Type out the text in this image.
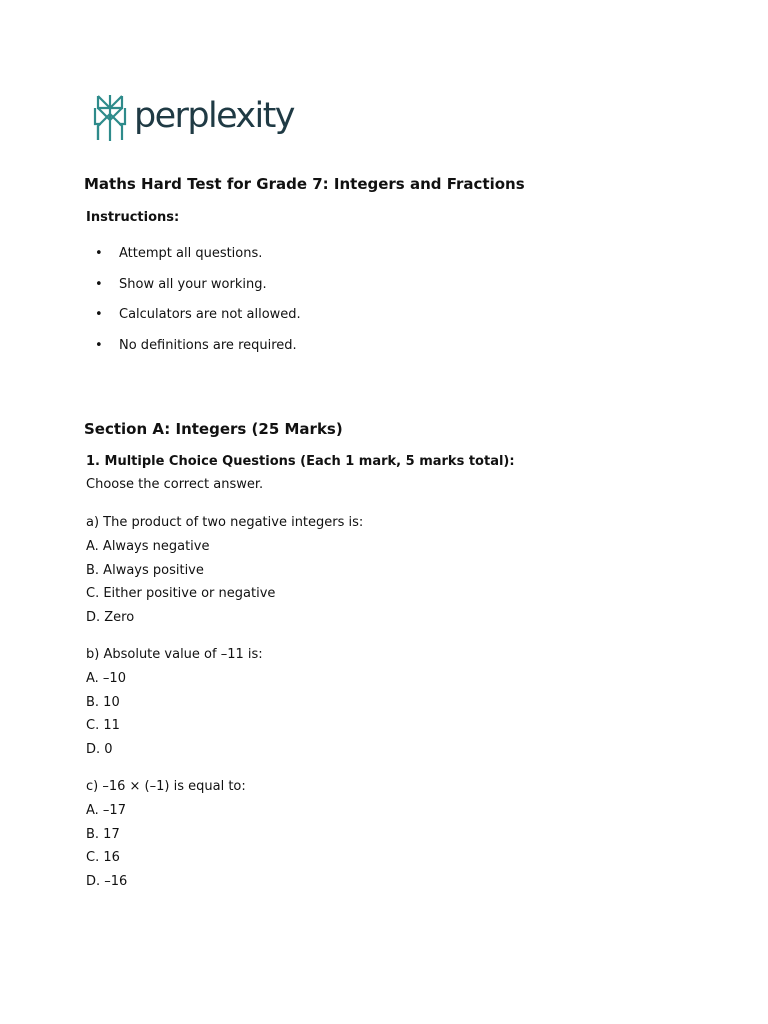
perplexity
Maths Hard Test for Grade 7: Integers and Fractions
Instructions:
• Attempt all questions.
• Show all your working.
• Calculators are not allowed.
• No definitions are required.
Section A: Integers (25 Marks)
1. Multiple Choice Questions (Each 1 mark, 5 marks total):

Choose the correct answer.

a) The product of two negative integers is:
A. Always negative
B. Always positive
C. Either positive or negative
D. Zero
b) Absolute value of –11 is:
A. –10
B. 10
C. 11
D. 0
c) –16 × (–1) is equal to:
A. –17
B. 17
C. 16
D. –16
